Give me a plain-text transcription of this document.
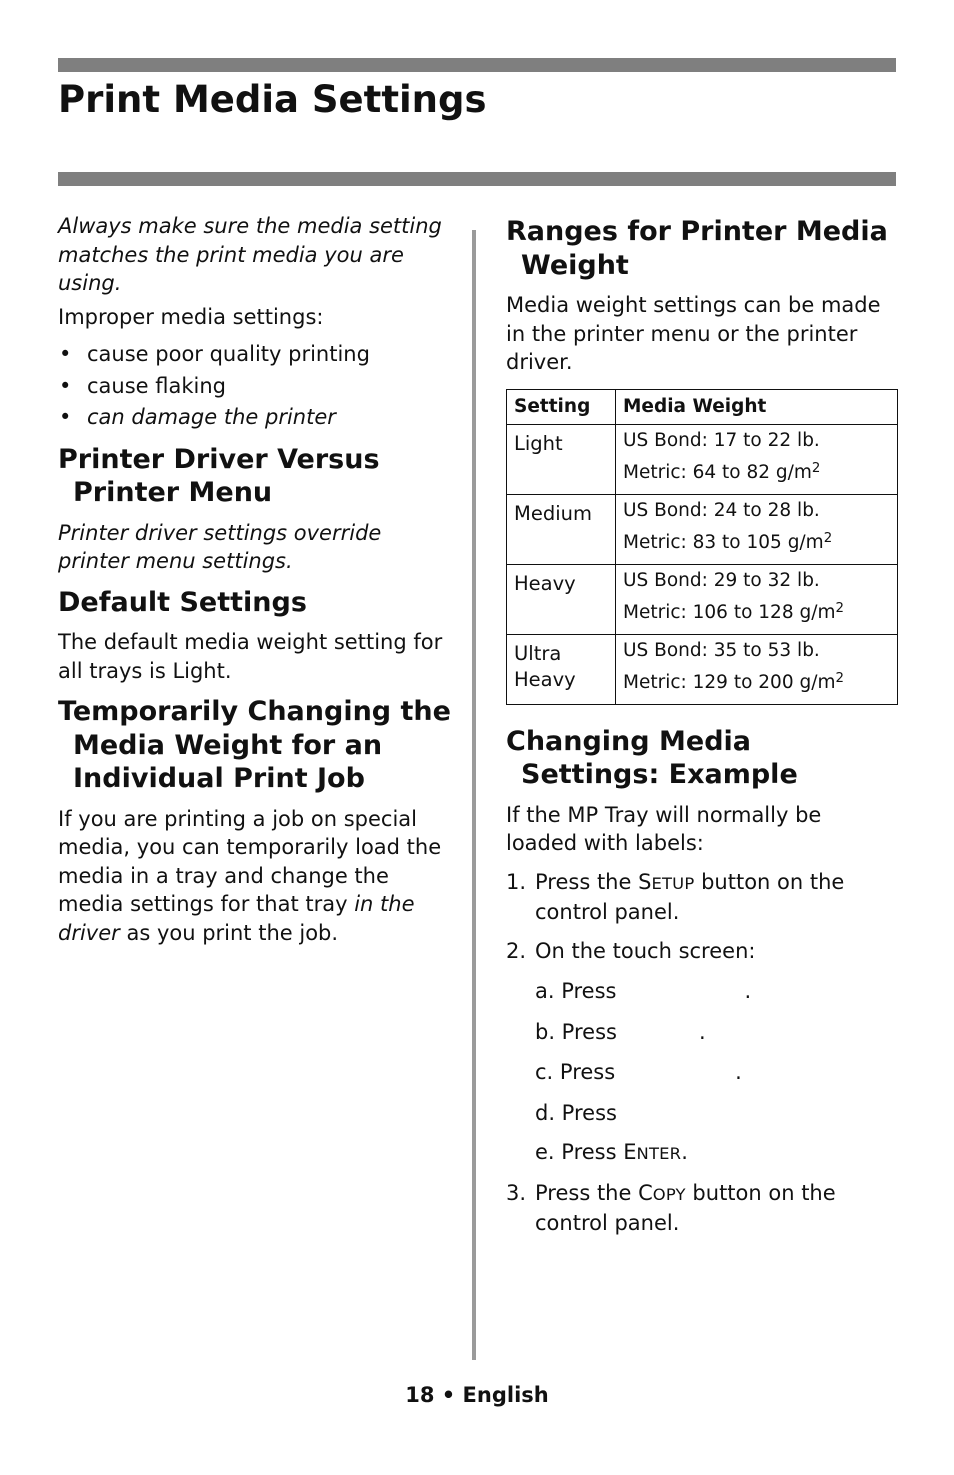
Print Media Settings

Always make sure the media setting matches the print media you are using.

Improper media settings:

• cause poor quality printing
• cause flaking
• can damage the printer
Printer Driver Versus Printer Menu

Printer driver settings override printer menu settings.

Default Settings

The default media weight setting for all trays is Light.

Temporarily Changing the Media Weight for an Individual Print Job

If you are printing a job on special media, you can temporarily load the media in a tray and change the media settings for that tray in the driver as you print the job.

Ranges for Printer Media Weight

Media weight settings can be made in the printer menu or the printer driver.

Setting	Media Weight
Light	US Bond: 17 to 22 lb.
Metric: 64 to 82 $g/m^2$
Medium	US Bond: 24 to 28 lb.
Metric: 83 to 105 $g/m^2$
Heavy	US Bond: 29 to 32 lb.
Metric: 106 to 128 $g/m^2$
Ultra
Heavy	US Bond: 35 to 53 lb.
Metric: 129 to 200 $g/m^2$
Changing Media Settings: Example

If the MP Tray will normally be loaded with labels:

1. Press the SETUP button on the control panel.
2. On the touch screen:
a. Press	.
b. Press	.
c. Press	.
d. Press
e. Press ENTER.
3. Press the COPY button on the control panel.
18 • English
